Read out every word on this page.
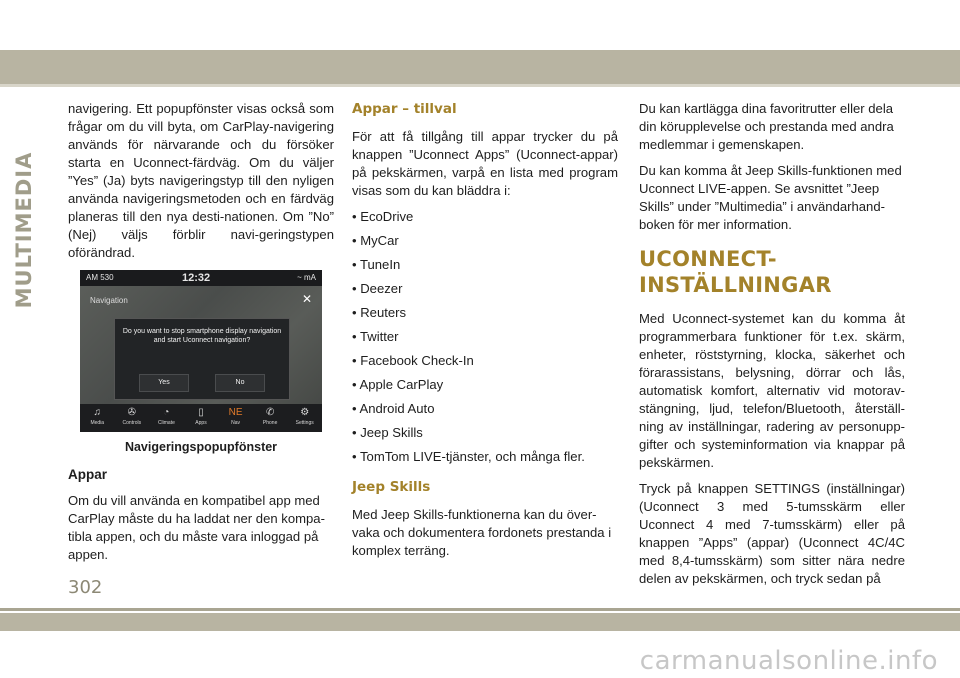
MULTIMEDIA

navigering. Ett popupfönster visas också som frågar om du vill byta, om CarPlay-navigering används för närvarande och du försöker starta en Uconnect-färdväg. Om du väljer ”Yes” (Ja) byts navigeringstyp till den nyligen använda navigeringsmetoden och en färdväg planeras till den nya desti-nationen. Om ”No” (Nej) väljs förblir navi-geringstypen oförändrad.

AM 530	12:32	~ mA
Navigation	✕
Do you want to stop smartphone display navigation and start Uconnect navigation?
Yes	No
♫
Media
✇
Controls
◔
Climate
▯
Apps
NE
Nav
✆
Phone
⚙
Settings
Navigeringspopupfönster
Appar

Om du vill använda en kompatibel app med CarPlay måste du ha laddat ner den kompa-tibla appen, och du måste vara inloggad på appen.

Appar – tillval

För att få tillgång till appar trycker du på knappen ”Uconnect Apps” (Uconnect-appar) på pekskärmen, varpå en lista med program visas som du kan bläddra i:

• EcoDrive

• MyCar

• TuneIn

• Deezer

• Reuters

• Twitter

• Facebook Check-In

• Apple CarPlay

• Android Auto

• Jeep Skills

• TomTom LIVE-tjänster, och många fler.

Jeep Skills

Med Jeep Skills-funktionerna kan du över-vaka och dokumentera fordonets prestanda i komplex terräng.

Du kan kartlägga dina favoritrutter eller dela din körupplevelse och prestanda med andra medlemmar i gemenskapen.

Du kan komma åt Jeep Skills-funktionen med Uconnect LIVE-appen. Se avsnittet ”Jeep Skills” under ”Multimedia” i användarhand-boken för mer information.

UCONNECT-
INSTÄLLNINGAR

Med Uconnect-systemet kan du komma åt programmerbara funktioner för t.ex. skärm, enheter, röststyrning, klocka, säkerhet och förarassistans, belysning, dörrar och lås, automatisk komfort, alternativ vid motorav-stängning, ljud, telefon/Bluetooth, återställ-ning av inställningar, radering av personupp-gifter och systeminformation via knappar på pekskärmen.

Tryck på knappen SETTINGS (inställningar) (Uconnect 3 med 5-tumsskärm eller Uconnect 4 med 7-tumsskärm) eller på knappen ”Apps” (appar) (Uconnect 4C/4C med 8,4-tumsskärm) som sitter nära nedre delen av pekskärmen, och tryck sedan på

302
carmanualsonline.info
